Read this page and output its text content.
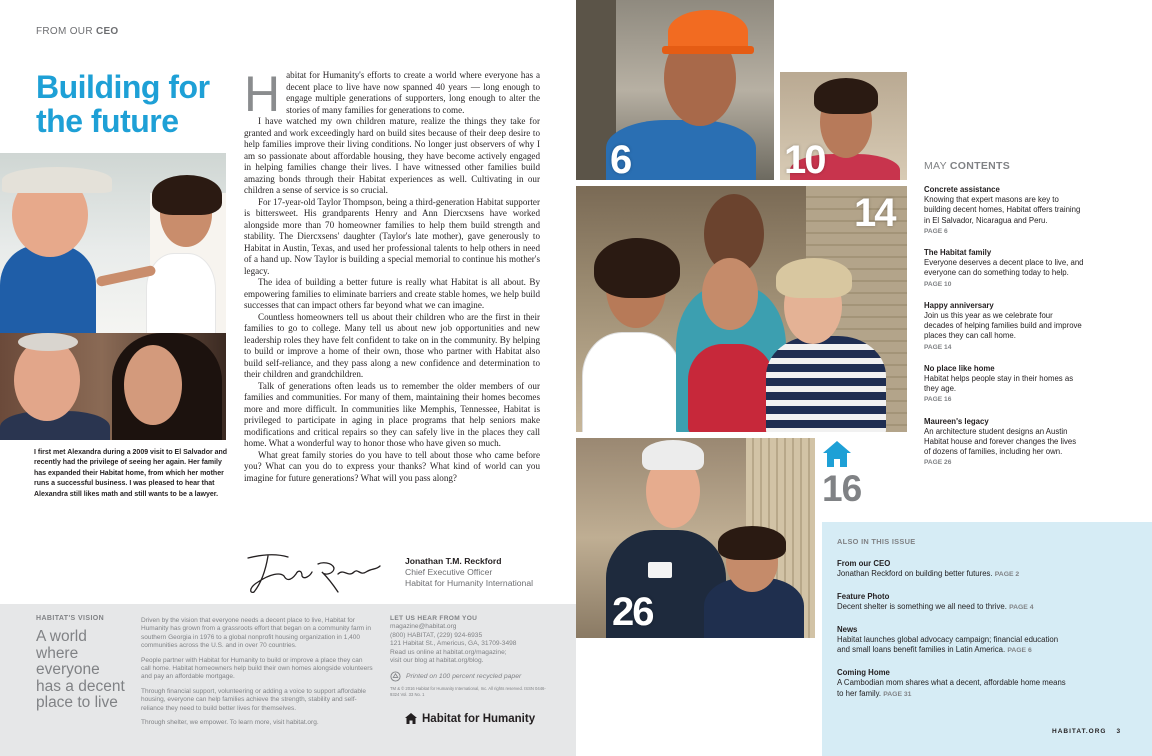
FROM OUR CEO
Building for the future

I first met Alexandra during a 2009 visit to El Salvador and recently had the privilege of seeing her again. Her family has expanded their Habitat home, from which her mother runs a successful business. I was pleased to hear that Alexandra still likes math and still wants to be a lawyer.

Habitat for Humanity's efforts to create a world where everyone has a decent place to live have now spanned 40 years — long enough to engage multiple generations of supporters, long enough to alter the stories of many families for generations to come.

I have watched my own children mature, realize the things they take for granted and work exceedingly hard on build sites because of their deep desire to help families improve their living conditions. No longer just observers of why I am so passionate about affordable housing, they have become actively engaged in helping families change their lives. I have witnessed other families build amazing bonds through their Habitat experiences as well. Cultivating in our children a sense of service is so crucial.

For 17-year-old Taylor Thompson, being a third-generation Habitat supporter is bittersweet. His grandparents Henry and Ann Diercxsens have worked alongside more than 70 homeowner families to help them build strength and stability. The Diercxsens' daughter (Taylor's late mother), gave generously to Habitat in Austin, Texas, and used her professional talents to help others in need of a hand up. Now Taylor is building a special memorial to continue his mother's legacy.

The idea of building a better future is really what Habitat is all about. By empowering families to eliminate barriers and create stable homes, we help build successes that can impact others far beyond what we can imagine.

Countless homeowners tell us about their children who are the first in their families to go to college. Many tell us about new job opportunities and new leadership roles they have felt confident to take on in the community. By helping to build or improve a home of their own, those who partner with Habitat also build self-reliance, and they pass along a new confidence and determination to their children and grandchildren.

Talk of generations often leads us to remember the older members of our families and communities. For many of them, maintaining their homes becomes more and more difficult. In communities like Memphis, Tennessee, Habitat is privileged to participate in aging in place programs that help seniors make modifications and critical repairs so they can safely live in the places they call home. What a wonderful way to honor those who have given so much.

What great family stories do you have to tell about those who came before you? What can you do to express your thanks? What kind of world can you imagine for future generations? What will you pass along?

Jonathan T.M. Reckford
Chief Executive Officer
Habitat for Humanity International
HABITAT'S VISION
A world where everyone has a decent place to live

Driven by the vision that everyone needs a decent place to live, Habitat for Humanity has grown from a grassroots effort that began on a community farm in southern Georgia in 1976 to a global nonprofit housing organization in 1,400 communities across the U.S. and in over 70 countries.

People partner with Habitat for Humanity to build or improve a place they can call home. Habitat homeowners help build their own homes alongside volunteers and pay an affordable mortgage.

Through financial support, volunteering or adding a voice to support affordable housing, everyone can help families achieve the strength, stability and self-reliance they need to build better lives for themselves.

Through shelter, we empower. To learn more, visit habitat.org.

LET US HEAR FROM YOU
magazine@habitat.org
(800) HABITAT, (229) 924-6935
121 Habitat St., Americus, GA, 31709-3498
Read us online at habitat.org/magazine;
visit our blog at habitat.org/blog.
Printed on 100 percent recycled paper
TM & © 2016 Habitat for Humanity International, Inc. All rights reserved. ISSN 0446-9324 Vol. 33 No. 1
Habitat for Humanity
6	10
14
26
MAY CONTENTS
Concrete assistance
Knowing that expert masons are key to building decent homes, Habitat offers training in El Salvador, Nicaragua and Peru.
PAGE 6
The Habitat family
Everyone deserves a decent place to live, and everyone can do something today to help.
PAGE 10
Happy anniversary
Join us this year as we celebrate four decades of helping families build and improve places they can call home.
PAGE 14
No place like home
Habitat helps people stay in their homes as they age.
PAGE 16
Maureen's legacy
An architecture student designs an Austin Habitat house and forever changes the lives of dozens of families, including her own.
PAGE 26
16
ALSO IN THIS ISSUE
From our CEO
Jonathan Reckford on building better futures. PAGE 2
Feature Photo
Decent shelter is something we all need to thrive. PAGE 4
News
Habitat launches global advocacy campaign; financial education and small loans benefit families in Latin America. PAGE 6
Coming Home
A Cambodian mom shares what a decent, affordable home means to her family. PAGE 31
HABITAT.ORG 3
